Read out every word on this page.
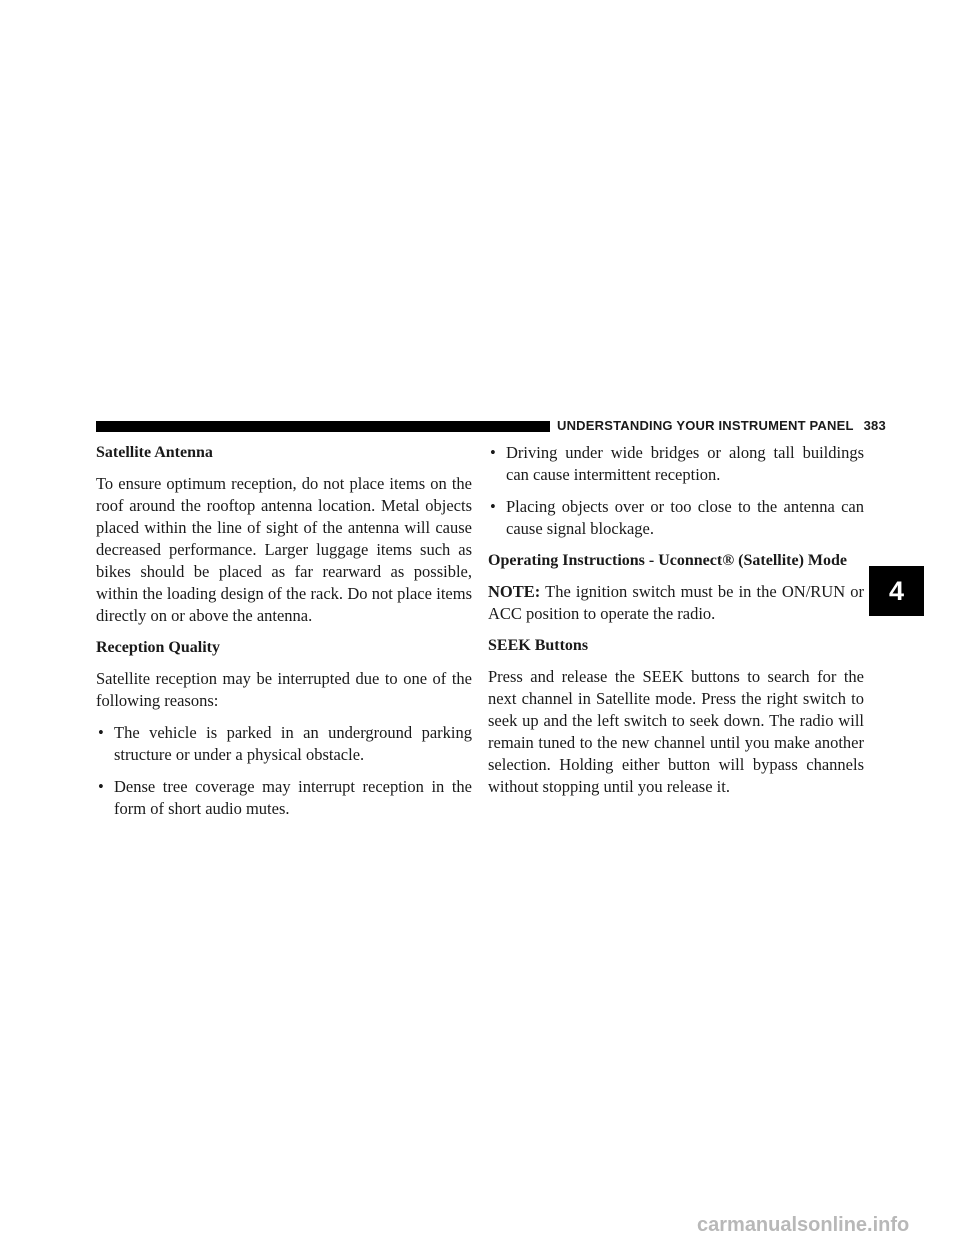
UNDERSTANDING YOUR INSTRUMENT PANEL 383
Satellite Antenna

To ensure optimum reception, do not place items on the roof around the rooftop antenna location. Metal objects placed within the line of sight of the antenna will cause decreased performance. Larger luggage items such as bikes should be placed as far rearward as possible, within the loading design of the rack. Do not place items directly on or above the antenna.

Reception Quality

Satellite reception may be interrupted due to one of the following reasons:

• The vehicle is parked in an underground parking structure or under a physical obstacle.
• Dense tree coverage may interrupt reception in the form of short audio mutes.
• Driving under wide bridges or along tall buildings can cause intermittent reception.
• Placing objects over or too close to the antenna can cause signal blockage.
Operating Instructions - Uconnect® (Satellite) Mode

NOTE: The ignition switch must be in the ON/RUN or ACC position to operate the radio.

SEEK Buttons

Press and release the SEEK buttons to search for the next channel in Satellite mode. Press the right switch to seek up and the left switch to seek down. The radio will remain tuned to the new channel until you make another selection. Holding either button will bypass channels without stopping until you release it.

4
carmanualsonline.info
